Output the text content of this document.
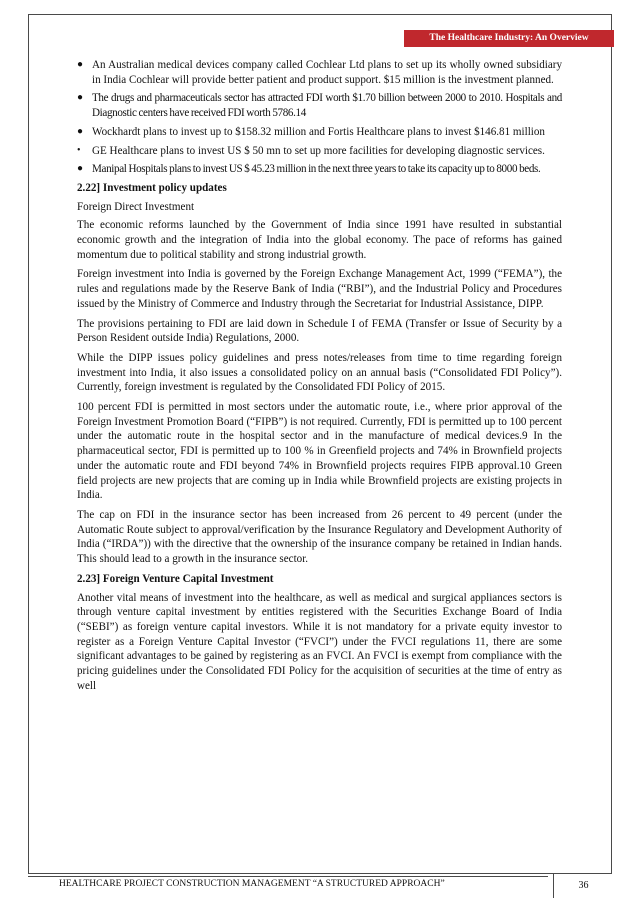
The Healthcare Industry: An Overview
● An Australian medical devices company called Cochlear Ltd plans to set up its wholly owned subsidiary in India Cochlear will provide better patient and product support. $15 million is the investment planned.
● The drugs and pharmaceuticals sector has attracted FDI worth $1.70 billion between 2000 to 2010. Hospitals and Diagnostic centers have received FDI worth 5786.14
● Wockhardt plans to invest up to $158.32 million and Fortis Healthcare plans to invest $146.81 million
• GE Healthcare plans to invest US $ 50 mn to set up more facilities for developing diagnostic services.
● Manipal Hospitals plans to invest US $ 45.23 million in the next three years to take its capacity up to 8000 beds.
2.22] Investment policy updates
Foreign Direct Investment

The economic reforms launched by the Government of India since 1991 have resulted in substantial economic growth and the integration of India into the global economy. The pace of reforms has gained momentum due to political stability and strong industrial growth.

Foreign investment into India is governed by the Foreign Exchange Management Act, 1999 (“FEMA”), the rules and regulations made by the Reserve Bank of India (“RBI”), and the Industrial Policy and Procedures issued by the Ministry of Commerce and Industry through the Secretariat for Industrial Assistance, DIPP.

The provisions pertaining to FDI are laid down in Schedule I of FEMA (Transfer or Issue of Security by a Person Resident outside India) Regulations, 2000.

While the DIPP issues policy guidelines and press notes/releases from time to time regarding foreign investment into India, it also issues a consolidated policy on an annual basis (“Consolidated FDI Policy”). Currently, foreign investment is regulated by the Consolidated FDI Policy of 2015.

100 percent FDI is permitted in most sectors under the automatic route, i.e., where prior approval of the Foreign Investment Promotion Board (“FIPB”) is not required. Currently, FDI is permitted up to 100 percent under the automatic route in the hospital sector and in the manufacture of medical devices.9 In the pharmaceutical sector, FDI is permitted up to 100 % in Greenfield projects and 74% in Brownfield projects under the automatic route and FDI beyond 74% in Brownfield projects requires FIPB approval.10 Green field projects are new projects that are coming up in India while Brownfield projects are existing projects in India.

The cap on FDI in the insurance sector has been increased from 26 percent to 49 percent (under the Automatic Route subject to approval/verification by the Insurance Regulatory and Development Authority of India (“IRDA”)) with the directive that the ownership of the insurance company be retained in Indian hands. This should lead to a growth in the insurance sector.

2.23] Foreign Venture Capital Investment

Another vital means of investment into the healthcare, as well as medical and surgical appliances sectors is through venture capital investment by entities registered with the Securities Exchange Board of India (“SEBI”) as foreign venture capital investors. While it is not mandatory for a private equity investor to register as a Foreign Venture Capital Investor (“FVCI”) under the FVCI regulations 11, there are some significant advantages to be gained by registering as an FVCI. An FVCI is exempt from compliance with the pricing guidelines under the Consolidated FDI Policy for the acquisition of securities at the time of entry as well

HEALTHCARE PROJECT CONSTRUCTION MANAGEMENT “A STRUCTURED APPROACH”	36
